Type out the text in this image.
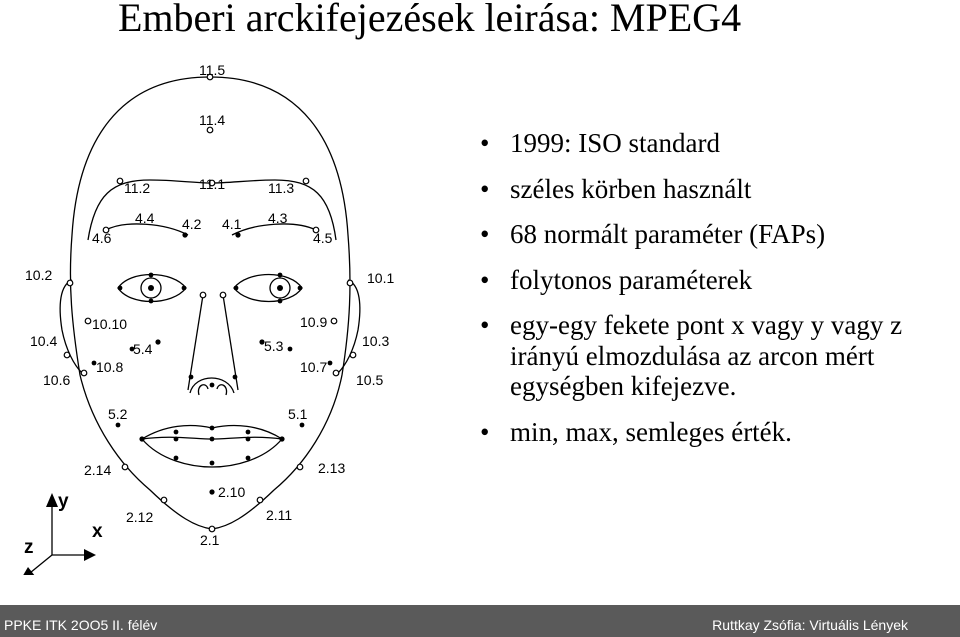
Emberi arckifejezések leirása: MPEG4
11.5
11.4
11.2	11.1	11.3
4.4 4.2 4.1 4.3
4.6	4.5
10.2	10.1
10.10	10.9
10.4	10.3
5.4	5.3
10.8	10.7
10.6	10.5
5.2	5.1
2.14	2.13
2.10
2.12	2.11
2.1
y
x
z
• 1999: ISO standard
• széles körben használt
• 68 normált paraméter (FAPs)
• folytonos paraméterek
• egy-egy fekete pont x vagy y vagy z irányú elmozdulása az arcon mért egységben kifejezve.
• min, max, semleges érték.
PPKE ITK 2OO5 II. félév	Ruttkay Zsófia: Virtuális Lények
